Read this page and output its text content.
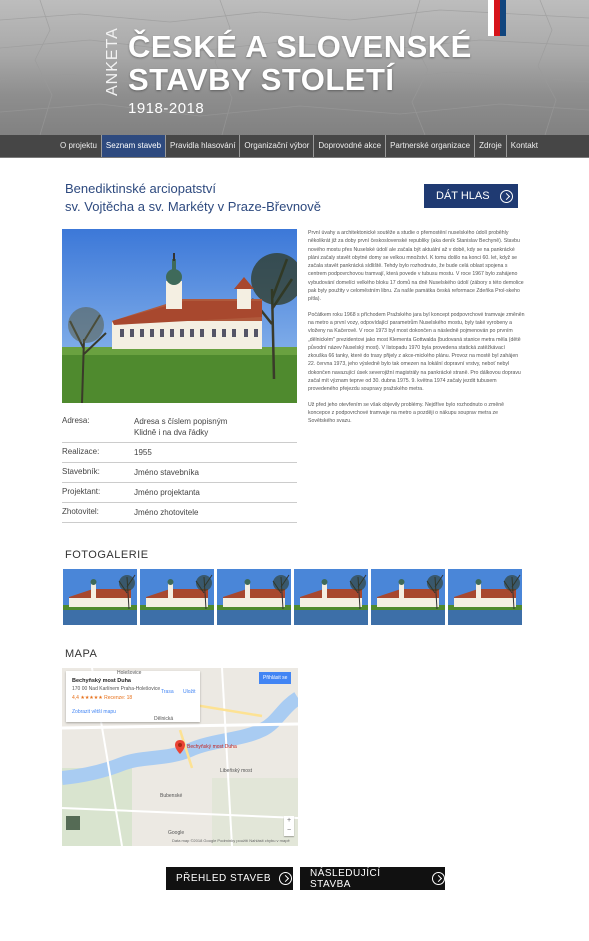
ANKETA ČESKÉ A SLOVENSKÉ
STAVBY STOLETÍ
1918-2018
O projektu	Seznam staveb	Pravidla hlasování	Organizační výbor	Doprovodné akce	Partnerské organizace	Zdroje	Kontakt
Benediktinské arciopatství
sv. Vojtěcha a sv. Markéty v Praze-Břevnově
DÁT HLAS
Adresa:	Adresa s číslem popisným
Klidně i na dva řádky
Realizace:	1955
Stavebník:	Jméno stavebníka
Projektant:	Jméno projektanta
Zhotovitel:	Jméno zhotovitele

První úvahy a architektonické soutěže a studie o přemostění nuselského údolí proběhly několikrát již za doby první československé republiky (aka deník Stanislav Bechyně). Stavbu nového mostu přes Nuselské údolí ale začala být aktuální až v době, kdy se na pankrácké pláni začaly stavět obytné domy se velkou množství. K tomu došlo na konci 60. let, když se začala stavět pankrácká sídliště. Tehdy bylo rozhodnuto, že bude celá oblast spojena s centrem podpovrchovou tramvají, která povede v tubusu mostu. V roce 1967 bylo zahájeno vybudování domelíci velkého bloku 17 domů na dně Nuselského údolí (zábory s této demolice pak byly použity v celoměstním libru. Za našle památka česká reformace Zdeňka Prol-skeho pítla).

Počátkem roku 1968 s příchodem Pražského jara byl koncept podpovrchové tramvaje změněn na metro a první vozy, odpovídající parametrům Nuselského mostu, byly také vyrobeny a vloženy na Kačerově. V roce 1973 byl most dokončen a následně pojmenován po prvním „dělnickém" prezidentovi jako most Klementa Gottwalda (budovaná stanice metra měla (dětě původní název Nuselský most). V listopadu 1970 byla provedena statická zatěžkávací zkouška 66 tanky, které do trasy přijely z akce-mického plánu. Provoz na mostě byl zahájen 22. června 1973, jeho výsledně bylo tak omezen na lokální dopravní vrstvy, neboť nebyl dokončen navazující úsek severojižní magistrály na pankrácké straně. Pro dálkovou dopravu začal mít význam teprve od 30. dubna 1975. 9. května 1974 začaly jezdit tubusem provedeného přejezdu soupravy pražského metra.

Už před jeho otevřením se však objevily problémy. Nejdříve bylo rozhodnuto o změně koncepce z podpovrchové tramvaje na metro a později o nákupu souprav metra ze Sovětského svazu.

FOTOGALERIE
MAPA
Bechyňský most Duha
170 00 Nad Karlínem Praha-Holešovice
4,4 ★★★★★ Recenze: 18
Zobrazit větší mapu
Trasa Uložit
Přihlásit se
Bechyňský most Duha
Holešovice
Dělnická
Bubenské
Libeňský most
+
−
Google
Data map ©2018 Google Podmínky použití Nahlásit chybu v mapě
PŘEHLED STAVEB	NÁSLEDUJÍCÍ STAVBA
